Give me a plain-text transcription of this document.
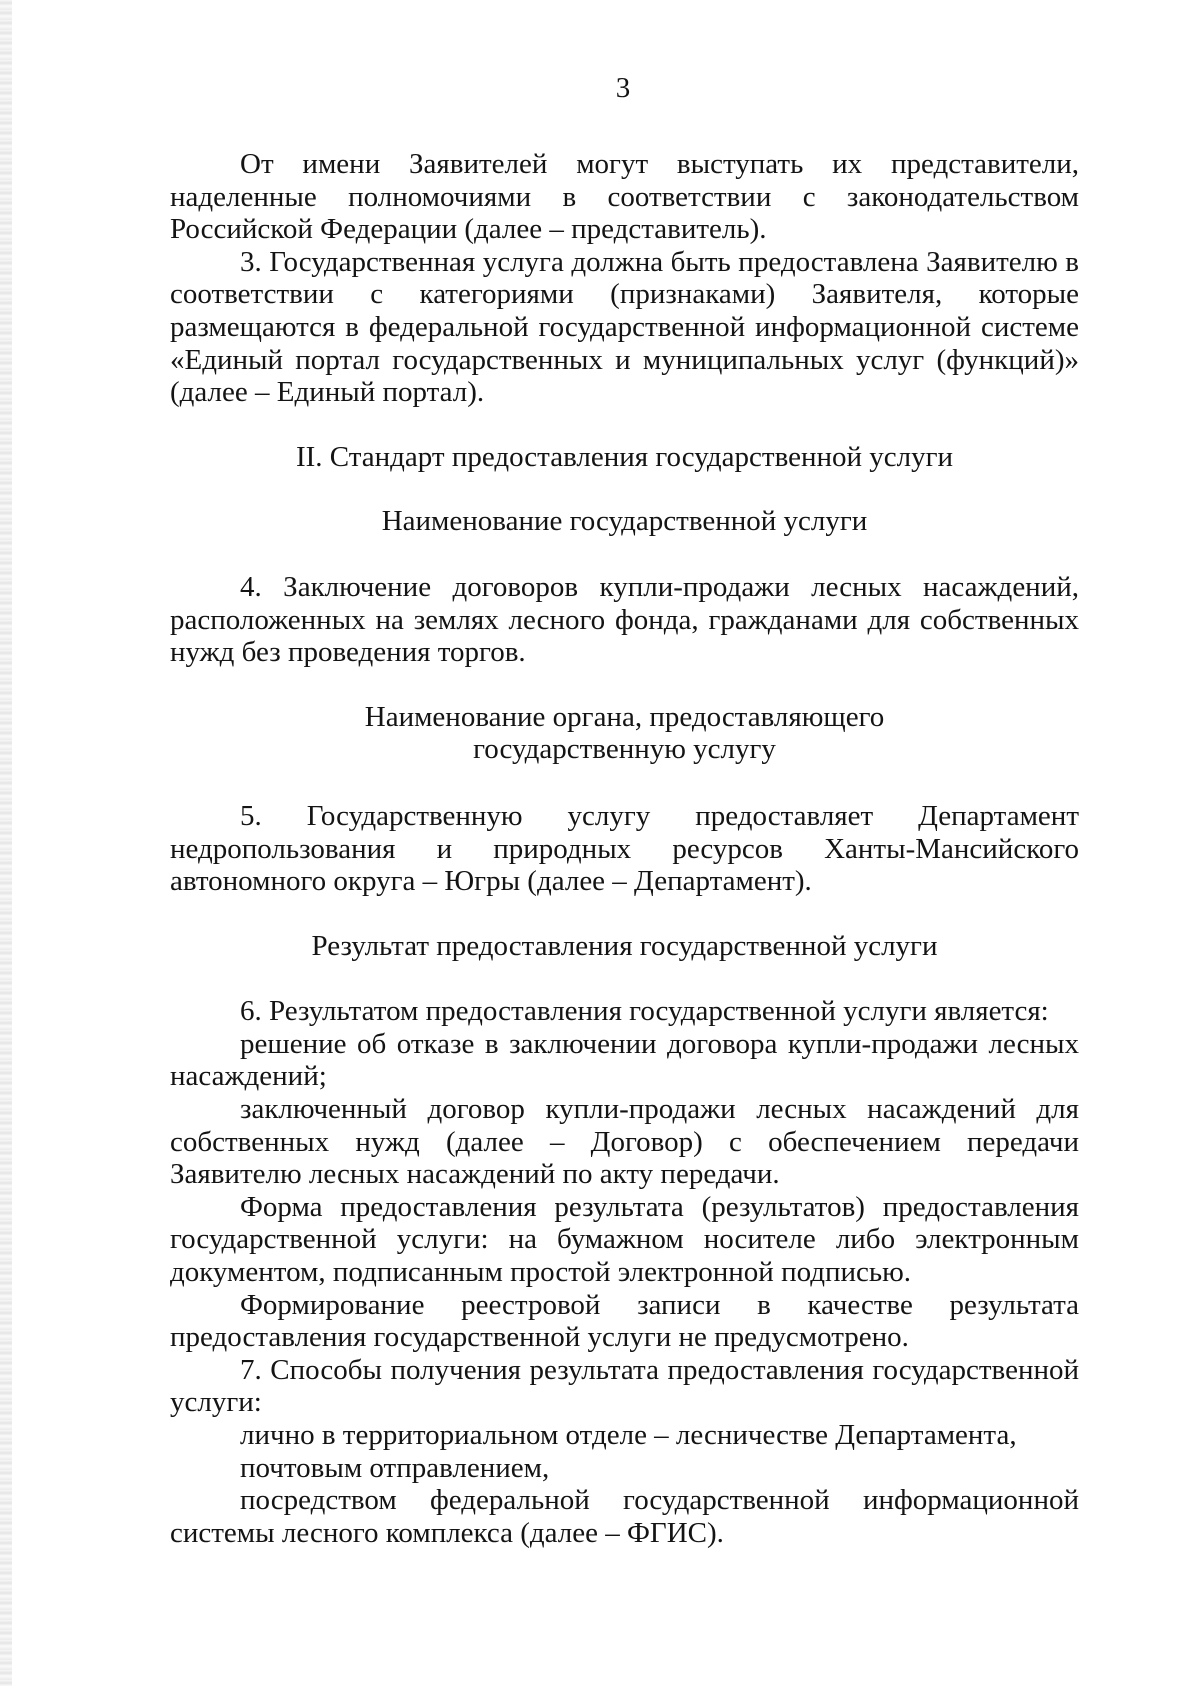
3

От имени Заявителей могут выступать их представители, наделенные полномочиями в соответствии с законодательством Российской Федерации (далее – представитель).

3. Государственная услуга должна быть предоставлена Заявителю в соответствии с категориями (признаками) Заявителя, которые размещаются в федеральной государственной информационной системе «Единый портал государственных и муниципальных услуг (функций)» (далее – Единый портал).

II. Стандарт предоставления государственной услуги
Наименование государственной услуги

4. Заключение договоров купли-продажи лесных насаждений, расположенных на землях лесного фонда, гражданами для собственных нужд без проведения торгов.

Наименование органа, предоставляющего
государственную услугу

5. Государственную услугу предоставляет Департамент недропользования и природных ресурсов Ханты-Мансийского автономного округа – Югры (далее – Департамент).

Результат предоставления государственной услуги

6. Результатом предоставления государственной услуги является:

решение об отказе в заключении договора купли-продажи лесных насаждений;

заключенный договор купли-продажи лесных насаждений для собственных нужд (далее – Договор) с обеспечением передачи Заявителю лесных насаждений по акту передачи.

Форма предоставления результата (результатов) предоставления государственной услуги: на бумажном носителе либо электронным документом, подписанным простой электронной подписью.

Формирование реестровой записи в качестве результата предоставления государственной услуги не предусмотрено.

7. Способы получения результата предоставления государственной услуги:

лично в территориальном отделе – лесничестве Департамента,

почтовым отправлением,

посредством федеральной государственной информационной системы лесного комплекса (далее – ФГИС).
